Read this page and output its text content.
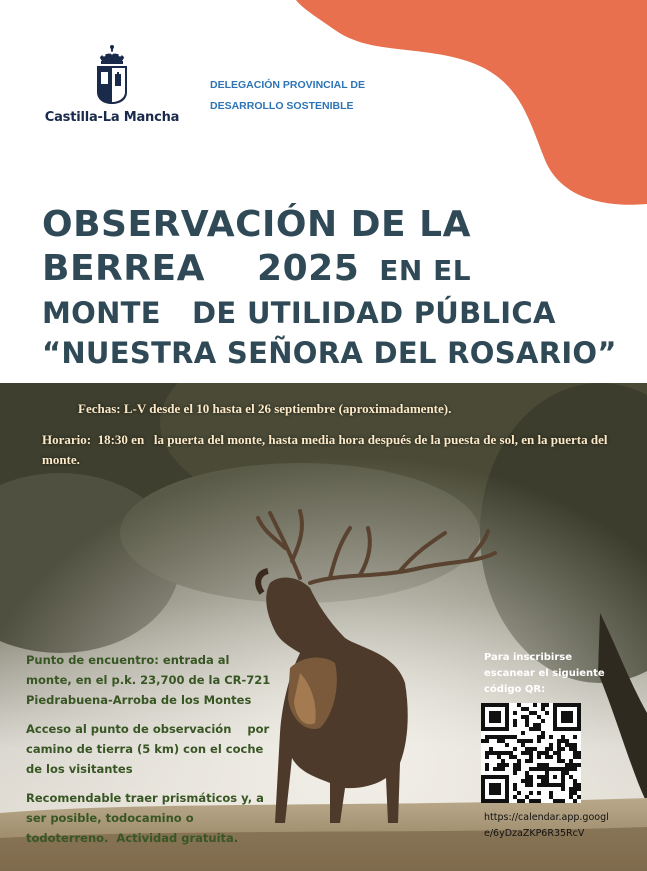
Castilla-La Mancha
DELEGACIÓN PROVINCIAL DE
DESARROLLO SOSTENIBLE
OBSERVACIÓN DE LA
BERREA    2025 EN EL
MONTE   DE UTILIDAD PÚBLICA
“NUESTRA SEÑORA DEL ROSARIO”
Fechas: L-V desde el 10 hasta el 26 septiembre (aproximadamente).
Horario:  18:30 en   la puerta del monte, hasta media hora después de la puesta de sol, en la puerta del monte.

Punto de encuentro: entrada al monte, en el p.k. 23,700 de la CR-721 Piedrabuena-Arroba de los Montes

Acceso al punto de observación    por camino de tierra (5 km) con el coche de los visitantes

Recomendable traer prismáticos y, a ser posible, todocamino o todoterreno.  Actividad gratuita.

Para inscribirse escanear el siguiente código QR:
https://calendar.app.google/6yDzaZKP6R35RcV
